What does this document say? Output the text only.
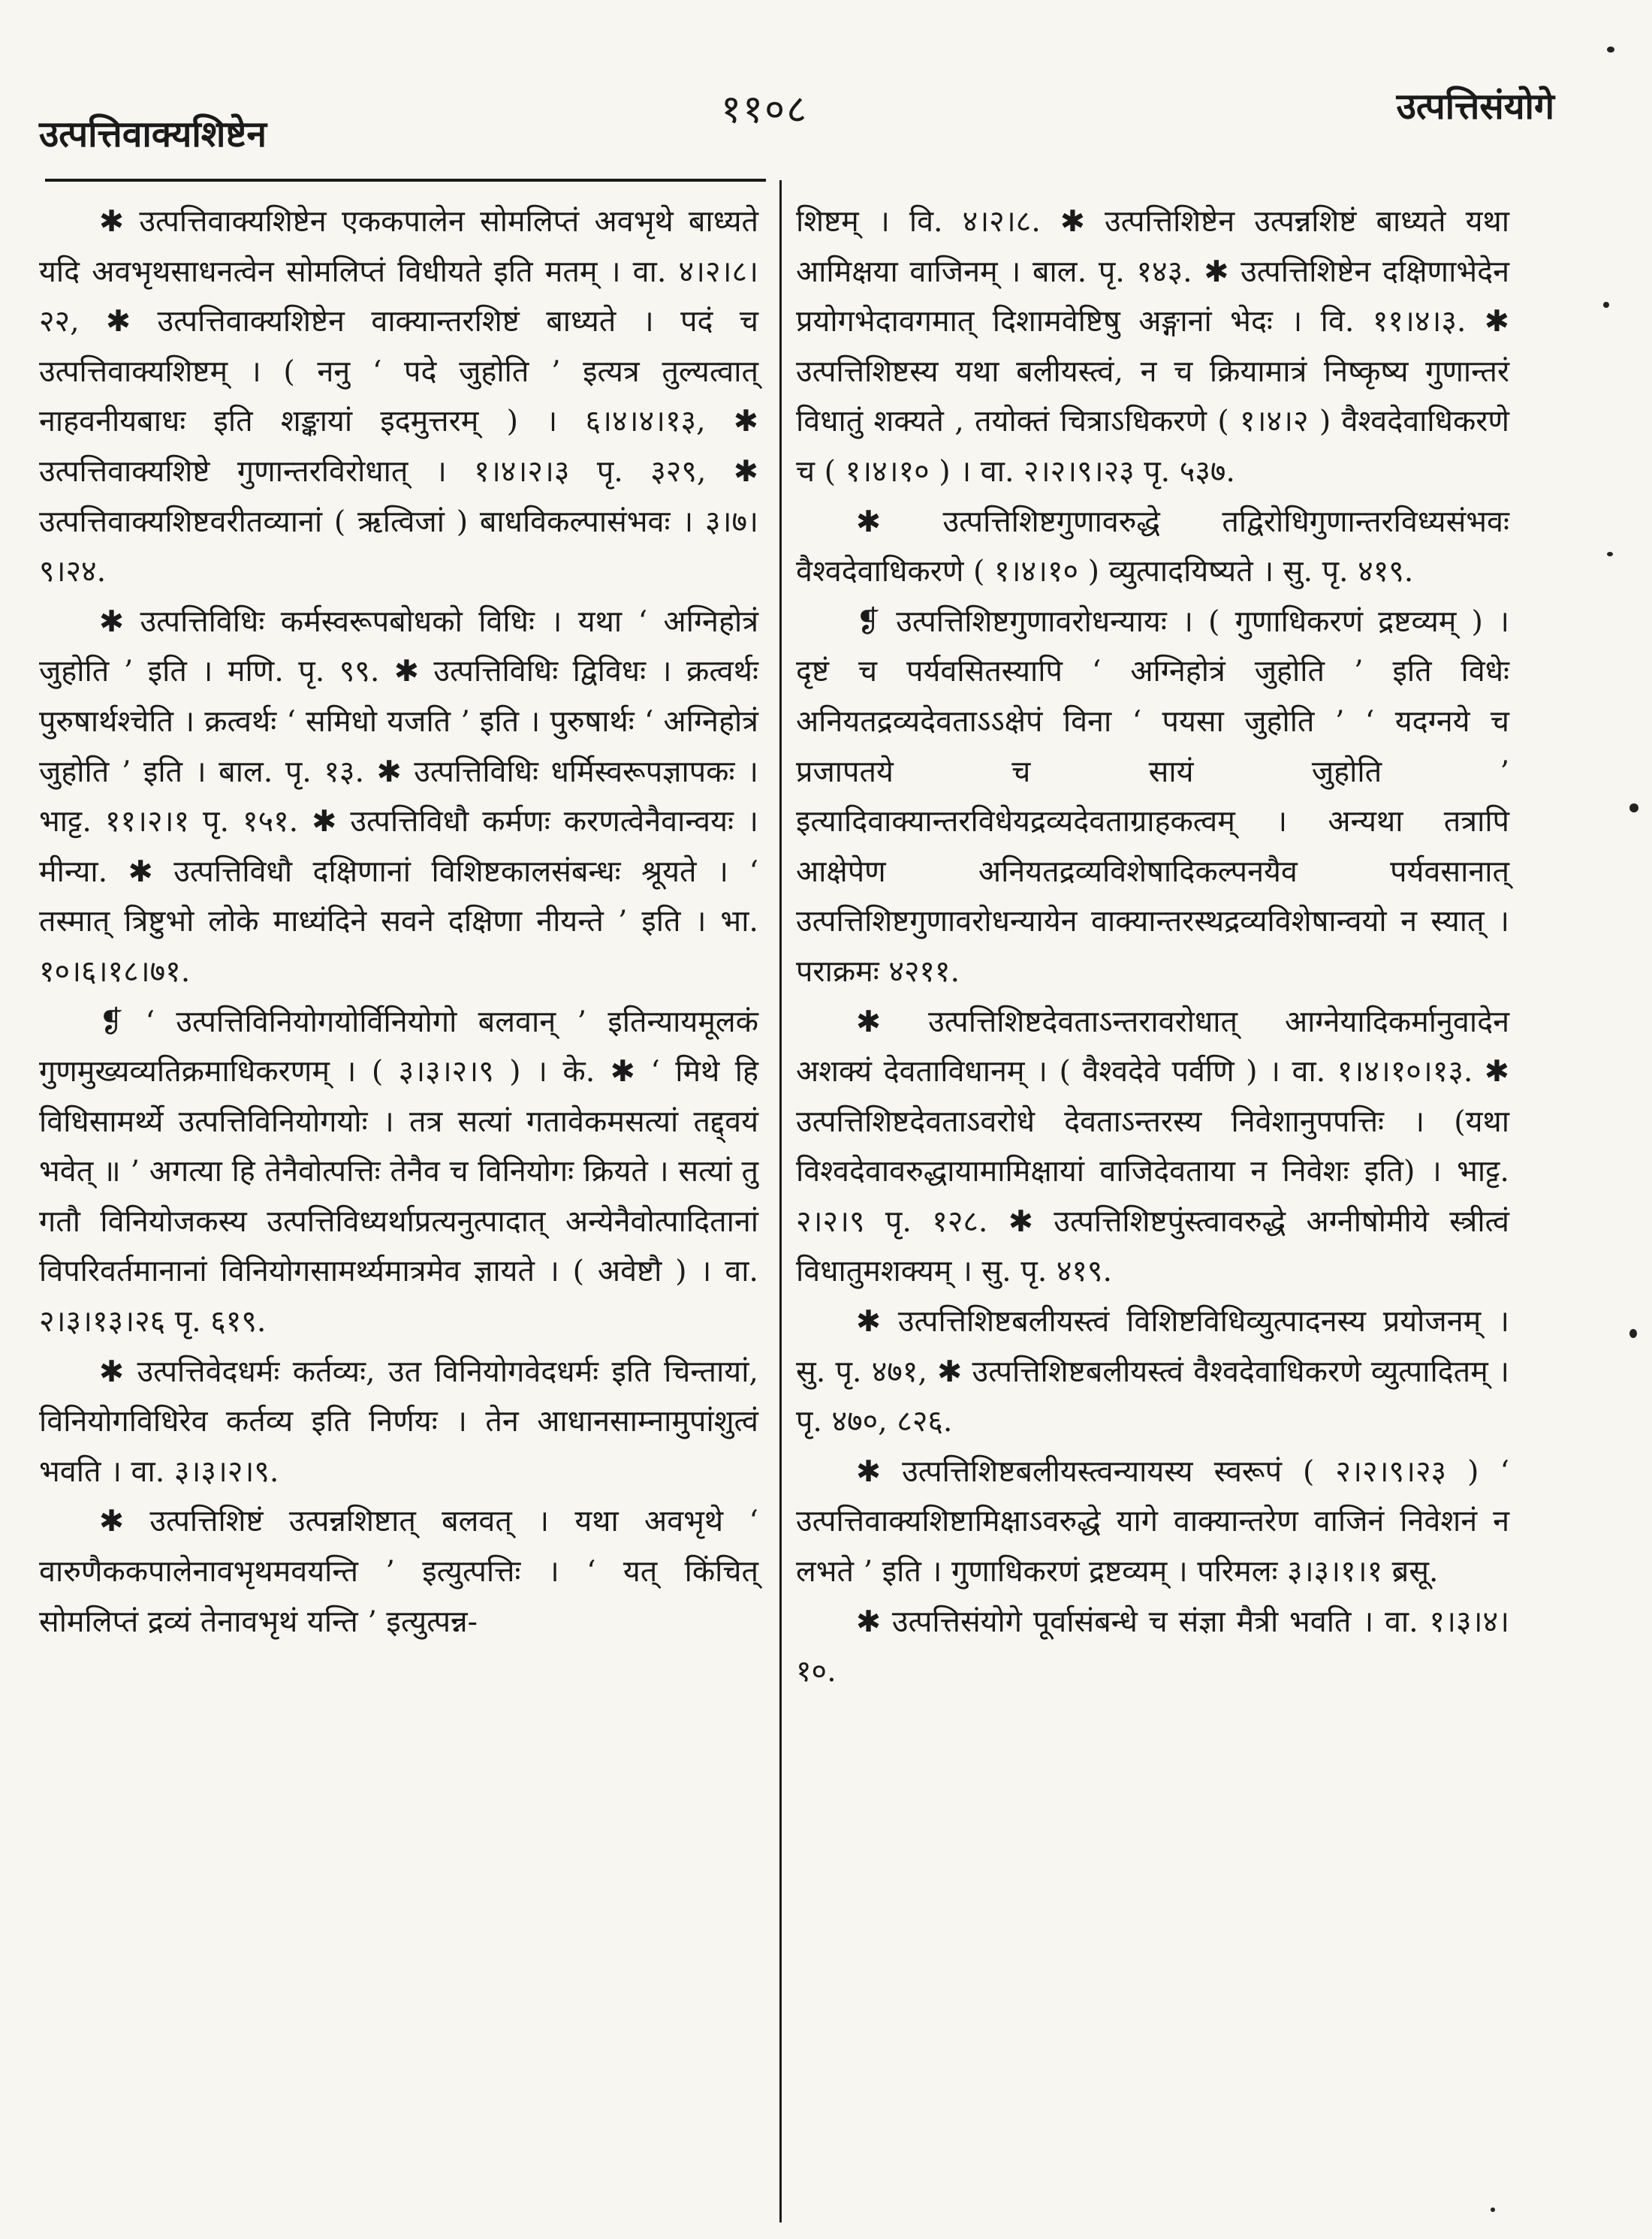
उत्पत्तिवाक्यशिष्टेन
११०८	उत्पत्तिसंयोगे

✱ उत्पत्तिवाक्यशिष्टेन एककपालेन सोमलिप्तं अवभृथे बाध्यते यदि अवभृथसाधनत्वेन सोमलिप्तं विधीयते इति मतम् । वा. ४।२।८।२२, ✱ उत्पत्तिवाक्यशिष्टेन वाक्यान्तरशिष्टं बाध्यते । पदं च उत्पत्तिवाक्यशिष्टम् । ( ननु ‘ पदे जुहोति ’ इत्यत्र तुल्यत्वात् नाहवनीयबाधः इति शङ्कायां इदमुत्तरम् ) । ६।४।४।१३, ✱ उत्पत्तिवाक्यशिष्टे गुणान्तरविरोधात् । १।४।२।३ पृ. ३२९, ✱ उत्पत्तिवाक्यशिष्टवरीतव्यानां ( ऋत्विजां ) बाधविकल्पासंभवः । ३।७।९।२४.

✱ उत्पत्तिविधिः कर्मस्वरूपबोधको विधिः । यथा ‘ अग्निहोत्रं जुहोति ’ इति । मणि. पृ. ९९. ✱ उत्पत्तिविधिः द्विविधः । क्रत्वर्थः पुरुषार्थश्चेति । क्रत्वर्थः ‘ समिधो यजति ’ इति । पुरुषार्थः ‘ अग्निहोत्रं जुहोति ’ इति । बाल. पृ. १३. ✱ उत्पत्तिविधिः धर्मिस्वरूपज्ञापकः । भाट्ट. ११।२।१ पृ. १५१. ✱ उत्पत्तिविधौ कर्मणः करणत्वेनैवान्वयः । मीन्या. ✱ उत्पत्तिविधौ दक्षिणानां विशिष्टकालसंबन्धः श्रूयते । ‘ तस्मात् त्रिष्टुभो लोके माध्यंदिने सवने दक्षिणा नीयन्ते ’ इति । भा. १०।६।१८।७१.

❡ ‘ उत्पत्तिविनियोगयोर्विनियोगो बलवान् ’ इतिन्यायमूलकं गुणमुख्यव्यतिक्रमाधिकरणम् । ( ३।३।२।९ ) । के. ✱ ‘ मिथे हि विधिसामर्थ्ये उत्पत्तिविनियोगयोः । तत्र सत्यां गतावेकमसत्यां तद्द्वयं भवेत् ॥ ’ अगत्या हि तेनैवोत्पत्तिः तेनैव च विनियोगः क्रियते । सत्यां तु गतौ विनियोजकस्य उत्पत्तिविध्यर्थाप्रत्यनुत्पादात् अन्येनैवोत्पादितानां विपरिवर्तमानानां विनियोगसामर्थ्यमात्रमेव ज्ञायते । ( अवेष्टौ ) । वा. २।३।१३।२६ पृ. ६१९.

✱ उत्पत्तिवेदधर्मः कर्तव्यः, उत विनियोगवेदधर्मः इति चिन्तायां, विनियोगविधिरेव कर्तव्य इति निर्णयः । तेन आधानसाम्नामुपांशुत्वं भवति । वा. ३।३।२।९.

✱ उत्पत्तिशिष्टं उत्पन्नशिष्टात् बलवत् । यथा अवभृथे ‘ वारुणैककपालेनावभृथमवयन्ति ’ इत्युत्पत्तिः । ‘ यत् किंचित् सोमलिप्तं द्रव्यं तेनावभृथं यन्ति ’ इत्युत्पन्न-

शिष्टम् । वि. ४।२।८. ✱ उत्पत्तिशिष्टेन उत्पन्नशिष्टं बाध्यते यथा आमिक्षया वाजिनम् । बाल. पृ. १४३. ✱ उत्पत्तिशिष्टेन दक्षिणाभेदेन प्रयोगभेदावगमात् दिशामवेष्टिषु अङ्गानां भेदः । वि. ११।४।३. ✱ उत्पत्तिशिष्टस्य यथा बलीयस्त्वं, न च क्रियामात्रं निष्कृष्य गुणान्तरं विधातुं शक्यते , तयोक्तं चित्राऽधिकरणे ( १।४।२ ) वैश्वदेवाधिकरणे च ( १।४।१० ) । वा. २।२।९।२३ पृ. ५३७.

✱ उत्पत्तिशिष्टगुणावरुद्धे तद्विरोधिगुणान्तरविध्यसंभवः वैश्वदेवाधिकरणे ( १।४।१० ) व्युत्पादयिष्यते । सु. पृ. ४१९.

❡ उत्पत्तिशिष्टगुणावरोधन्यायः । ( गुणाधिकरणं द्रष्टव्यम् ) । दृष्टं च पर्यवसितस्यापि ‘ अग्निहोत्रं जुहोति ’ इति विधेः अनियतद्रव्यदेवताऽऽक्षेपं विना ‘ पयसा जुहोति ’ ‘ यदग्नये च प्रजापतये च सायं जुहोति ’ इत्यादिवाक्यान्तरविधेयद्रव्यदेवताग्राहकत्वम् । अन्यथा तत्रापि आक्षेपेण अनियतद्रव्यविशेषादिकल्पनयैव पर्यवसानात् उत्पत्तिशिष्टगुणावरोधन्यायेन वाक्यान्तरस्थद्रव्यविशेषान्वयो न स्यात् । पराक्रमः ४२११.

✱ उत्पत्तिशिष्टदेवताऽन्तरावरोधात् आग्नेयादिकर्मानुवादेन अशक्यं देवताविधानम् । ( वैश्वदेवे पर्वणि ) । वा. १।४।१०।१३. ✱ उत्पत्तिशिष्टदेवताऽवरोधे देवताऽन्तरस्य निवेशानुपपत्तिः । (यथा विश्वदेवावरुद्धायामामिक्षायां वाजिदेवताया न निवेशः इति) । भाट्ट. २।२।९ पृ. १२८. ✱ उत्पत्तिशिष्टपुंस्त्वावरुद्धे अग्नीषोमीये स्त्रीत्वं विधातुमशक्यम् । सु. पृ. ४१९.

✱ उत्पत्तिशिष्टबलीयस्त्वं विशिष्टविधिव्युत्पादनस्य प्रयोजनम् । सु. पृ. ४७१, ✱ उत्पत्तिशिष्टबलीयस्त्वं वैश्वदेवाधिकरणे व्युत्पादितम् । पृ. ४७०, ८२६.

✱ उत्पत्तिशिष्टबलीयस्त्वन्यायस्य स्वरूपं ( २।२।९।२३ ) ‘ उत्पत्तिवाक्यशिष्टामिक्षाऽवरुद्धे यागे वाक्यान्तरेण वाजिनं निवेशनं न लभते ’ इति । गुणाधिकरणं द्रष्टव्यम् । परिमलः ३।३।१।१ ब्रसू.

✱ उत्पत्तिसंयोगे पूर्वासंबन्धे च संज्ञा मैत्री भवति । वा. १।३।४।१०.
